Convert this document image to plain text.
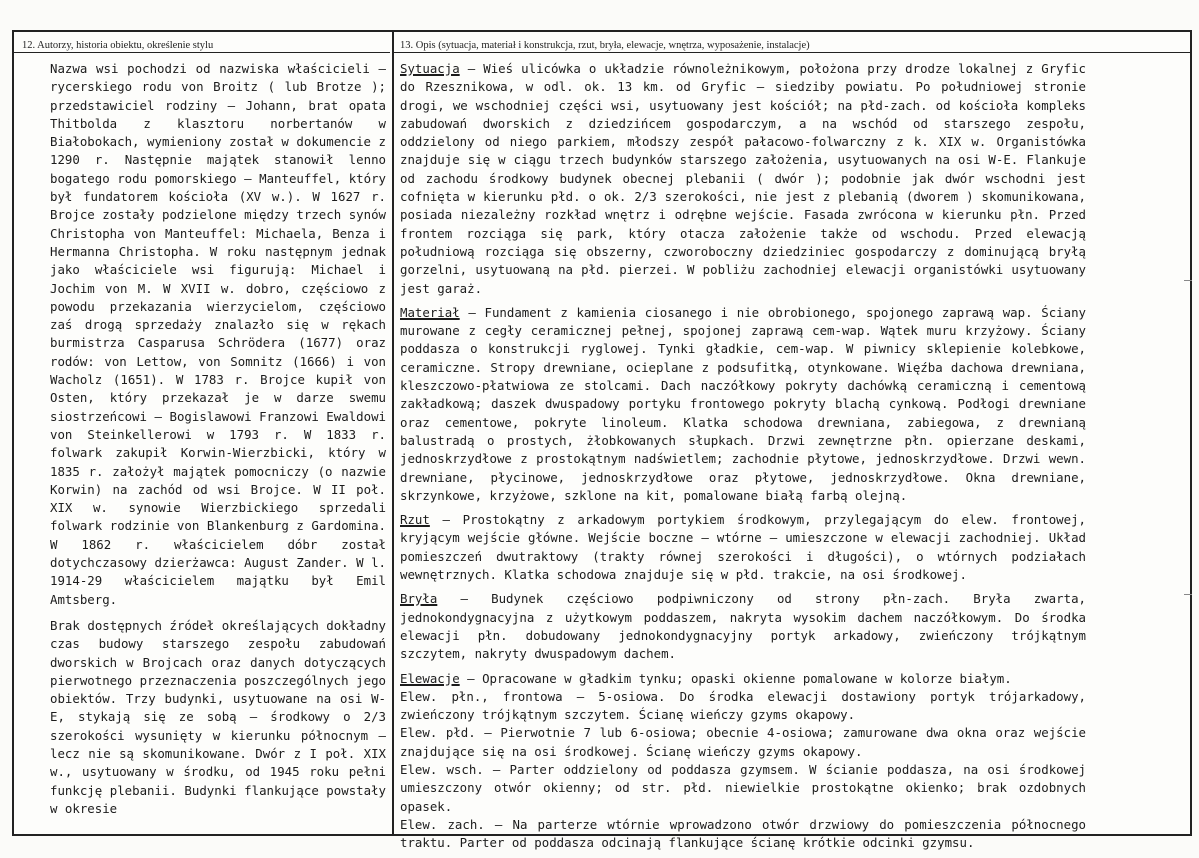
12. Autorzy, historia obiektu, określenie stylu	13. Opis (sytuacja, materiał i konstrukcja, rzut, bryła, elewacje, wnętrza, wyposażenie, instalacje)

Nazwa wsi pochodzi od nazwiska właścicieli – rycerskiego rodu von Broitz ( lub Brotze ); przedstawiciel rodziny – Johann, brat opata Thitbolda z klasztoru norbertanów w Białobokach, wymieniony został w dokumencie z 1290 r. Następnie majątek stanowił lenno bogatego rodu pomorskiego – Manteuffel, który był fundatorem kościoła (XV w.). W 1627 r. Brojce zostały podzielone między trzech synów Christopha von Manteuffel: Michaela, Benza i Hermanna Christopha. W roku następnym jednak jako właściciele wsi figurują: Michael i Jochim von M. W XVII w. dobro, częściowo z powodu przekazania wierzycielom, częściowo zaś drogą sprzedaży znalazło się w rękach burmistrza Casparusa Schrödera (1677) oraz rodów: von Lettow, von Somnitz (1666) i von Wacholz (1651). W 1783 r. Brojce kupił von Osten, który przekazał je w darze swemu siostrzeńcowi – Bogislawowi Franzowi Ewaldowi von Steinkellerowi w 1793 r. W 1833 r. folwark zakupił Korwin-Wierzbicki, który w 1835 r. założył majątek pomocniczy (o nazwie Korwin) na zachód od wsi Brojce. W II poł. XIX w. synowie Wierzbickiego sprzedali folwark rodzinie von Blankenburg z Gardomina. W 1862 r. właścicielem dóbr został dotychczasowy dzierżawca: August Zander. W l. 1914-29 właścicielem majątku był Emil Amtsberg.

Brak dostępnych źródeł określających dokładny czas budowy starszego zespołu zabudowań dworskich w Brojcach oraz danych dotyczących pierwotnego przeznaczenia poszczególnych jego obiektów. Trzy budynki, usytuowane na osi W-E, stykają się ze sobą – środkowy o 2/3 szerokości wysunięty w kierunku północnym – lecz nie są skomunikowane. Dwór z I poł. XIX w., usytuowany w środku, od 1945 roku pełni funkcję plebanii. Budynki flankujące powstały w okresie

Sytuacja – Wieś ulicówka o układzie równoleżnikowym, położona przy drodze lokalnej z Gryfic do Rzesznikowa, w odl. ok. 13 km. od Gryfic – siedziby powiatu. Po południowej stronie drogi, we wschodniej części wsi, usytuowany jest kościół; na płd-zach. od kościoła kompleks zabudowań dworskich z dziedzińcem gospodarczym, a na wschód od starszego zespołu, oddzielony od niego parkiem, młodszy zespół pałacowo-folwarczny z k. XIX w. Organistówka znajduje się w ciągu trzech budynków starszego założenia, usytuowanych na osi W-E. Flankuje od zachodu środkowy budynek obecnej plebanii ( dwór ); podobnie jak dwór wschodni jest cofnięta w kierunku płd. o ok. 2/3 szerokości, nie jest z plebanią (dworem ) skomunikowana, posiada niezależny rozkład wnętrz i odrębne wejście. Fasada zwrócona w kierunku płn. Przed frontem rozciąga się park, który otacza założenie także od wschodu. Przed elewacją południową rozciąga się obszerny, czworoboczny dziedziniec gospodarczy z dominującą bryłą gorzelni, usytuowaną na płd. pierzei. W pobliżu zachodniej elewacji organistówki usytuowany jest garaż.

Materiał – Fundament z kamienia ciosanego i nie obrobionego, spojonego zaprawą wap. Ściany murowane z cegły ceramicznej pełnej, spojonej zaprawą cem-wap. Wątek muru krzyżowy. Ściany poddasza o konstrukcji ryglowej. Tynki gładkie, cem-wap. W piwnicy sklepienie kolebkowe, ceramiczne. Stropy drewniane, ocieplane z podsufitką, otynkowane. Więźba dachowa drewniana, kleszczowo-płatwiowa ze stolcami. Dach naczółkowy pokryty dachówką ceramiczną i cementową zakładkową; daszek dwuspadowy portyku frontowego pokryty blachą cynkową. Podłogi drewniane oraz cementowe, pokryte linoleum. Klatka schodowa drewniana, zabiegowa, z drewnianą balustradą o prostych, żłobkowanych słupkach. Drzwi zewnętrzne płn. opierzane deskami, jednoskrzydłowe z prostokątnym nadświetlem; zachodnie płytowe, jednoskrzydłowe. Drzwi wewn. drewniane, płycinowe, jednoskrzydłowe oraz płytowe, jednoskrzydłowe. Okna drewniane, skrzynkowe, krzyżowe, szklone na kit, pomalowane białą farbą olejną.

Rzut – Prostokątny z arkadowym portykiem środkowym, przylegającym do elew. frontowej, kryjącym wejście główne. Wejście boczne – wtórne – umieszczone w elewacji zachodniej. Układ pomieszczeń dwutraktowy (trakty równej szerokości i długości), o wtórnych podziałach wewnętrznych. Klatka schodowa znajduje się w płd. trakcie, na osi środkowej.

Bryła – Budynek częściowo podpiwniczony od strony płn-zach. Bryła zwarta, jednokondygnacyjna z użytkowym poddaszem, nakryta wysokim dachem naczółkowym. Do środka elewacji płn. dobudowany jednokondygnacyjny portyk arkadowy, zwieńczony trójkątnym szczytem, nakryty dwuspadowym dachem.

Elewacje – Opracowane w gładkim tynku; opaski okienne pomalowane w kolorze białym.

Elew. płn., frontowa – 5-osiowa. Do środka elewacji dostawiony portyk trójarkadowy, zwieńczony trójkątnym szczytem. Ścianę wieńczy gzyms okapowy.

Elew. płd. – Pierwotnie 7 lub 6-osiowa; obecnie 4-osiowa; zamurowane dwa okna oraz wejście znajdujące się na osi środkowej. Ścianę wieńczy gzyms okapowy.

Elew. wsch. – Parter oddzielony od poddasza gzymsem. W ścianie poddasza, na osi środkowej umieszczony otwór okienny; od str. płd. niewielkie prostokątne okienko; brak ozdobnych opasek.

Elew. zach. – Na parterze wtórnie wprowadzono otwór drzwiowy do pomieszczenia północnego traktu. Parter od poddasza odcinają flankujące ścianę krótkie odcinki gzymsu.
